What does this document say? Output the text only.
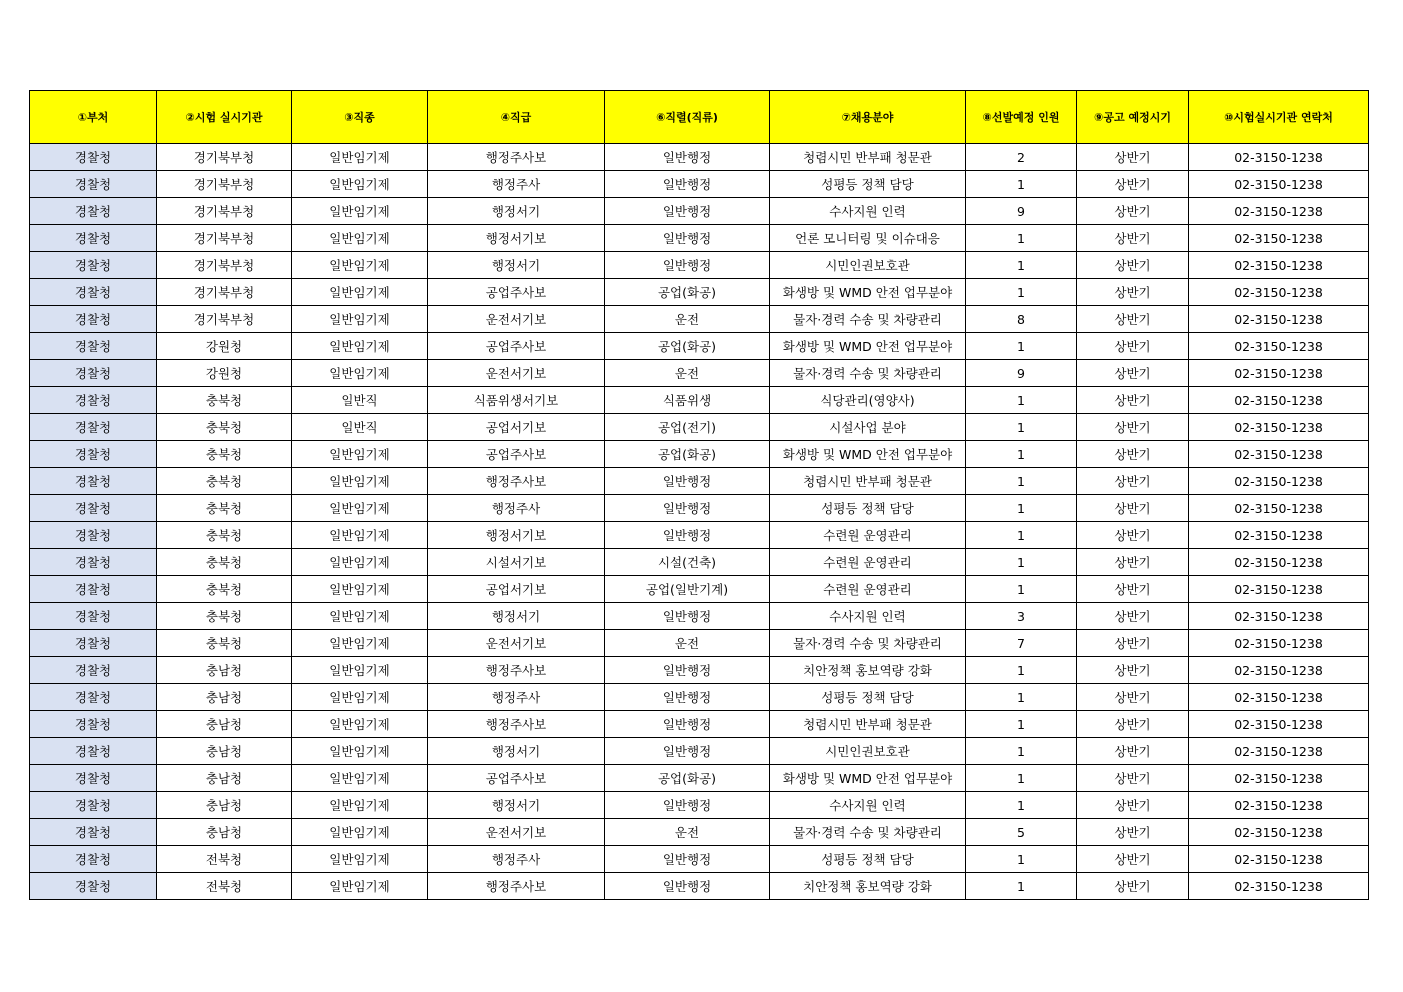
①부처	②시험 실시기관	③직종	④직급	⑥직렬(직류)	⑦채용분야	⑧선발예정 인원	⑨공고 예정시기	⑩시험실시기관 연락처
경찰청	경기북부청	일반임기제	행정주사보	일반행정	청렴시민 반부패 청문관	2	상반기	02-3150-1238
경찰청	경기북부청	일반임기제	행정주사	일반행정	성평등 정책 담당	1	상반기	02-3150-1238
경찰청	경기북부청	일반임기제	행정서기	일반행정	수사지원 인력	9	상반기	02-3150-1238
경찰청	경기북부청	일반임기제	행정서기보	일반행정	언론 모니터링 및 이슈대응	1	상반기	02-3150-1238
경찰청	경기북부청	일반임기제	행정서기	일반행정	시민인권보호관	1	상반기	02-3150-1238
경찰청	경기북부청	일반임기제	공업주사보	공업(화공)	화생방 및 WMD 안전 업무분야	1	상반기	02-3150-1238
경찰청	경기북부청	일반임기제	운전서기보	운전	물자·경력 수송 및 차량관리	8	상반기	02-3150-1238
경찰청	강원청	일반임기제	공업주사보	공업(화공)	화생방 및 WMD 안전 업무분야	1	상반기	02-3150-1238
경찰청	강원청	일반임기제	운전서기보	운전	물자·경력 수송 및 차량관리	9	상반기	02-3150-1238
경찰청	충북청	일반직	식품위생서기보	식품위생	식당관리(영양사)	1	상반기	02-3150-1238
경찰청	충북청	일반직	공업서기보	공업(전기)	시설사업 분야	1	상반기	02-3150-1238
경찰청	충북청	일반임기제	공업주사보	공업(화공)	화생방 및 WMD 안전 업무분야	1	상반기	02-3150-1238
경찰청	충북청	일반임기제	행정주사보	일반행정	청렴시민 반부패 청문관	1	상반기	02-3150-1238
경찰청	충북청	일반임기제	행정주사	일반행정	성평등 정책 담당	1	상반기	02-3150-1238
경찰청	충북청	일반임기제	행정서기보	일반행정	수련원 운영관리	1	상반기	02-3150-1238
경찰청	충북청	일반임기제	시설서기보	시설(건축)	수련원 운영관리	1	상반기	02-3150-1238
경찰청	충북청	일반임기제	공업서기보	공업(일반기계)	수련원 운영관리	1	상반기	02-3150-1238
경찰청	충북청	일반임기제	행정서기	일반행정	수사지원 인력	3	상반기	02-3150-1238
경찰청	충북청	일반임기제	운전서기보	운전	물자·경력 수송 및 차량관리	7	상반기	02-3150-1238
경찰청	충남청	일반임기제	행정주사보	일반행정	치안정책 홍보역량 강화	1	상반기	02-3150-1238
경찰청	충남청	일반임기제	행정주사	일반행정	성평등 정책 담당	1	상반기	02-3150-1238
경찰청	충남청	일반임기제	행정주사보	일반행정	청렴시민 반부패 청문관	1	상반기	02-3150-1238
경찰청	충남청	일반임기제	행정서기	일반행정	시민인권보호관	1	상반기	02-3150-1238
경찰청	충남청	일반임기제	공업주사보	공업(화공)	화생방 및 WMD 안전 업무분야	1	상반기	02-3150-1238
경찰청	충남청	일반임기제	행정서기	일반행정	수사지원 인력	1	상반기	02-3150-1238
경찰청	충남청	일반임기제	운전서기보	운전	물자·경력 수송 및 차량관리	5	상반기	02-3150-1238
경찰청	전북청	일반임기제	행정주사	일반행정	성평등 정책 담당	1	상반기	02-3150-1238
경찰청	전북청	일반임기제	행정주사보	일반행정	치안정책 홍보역량 강화	1	상반기	02-3150-1238
